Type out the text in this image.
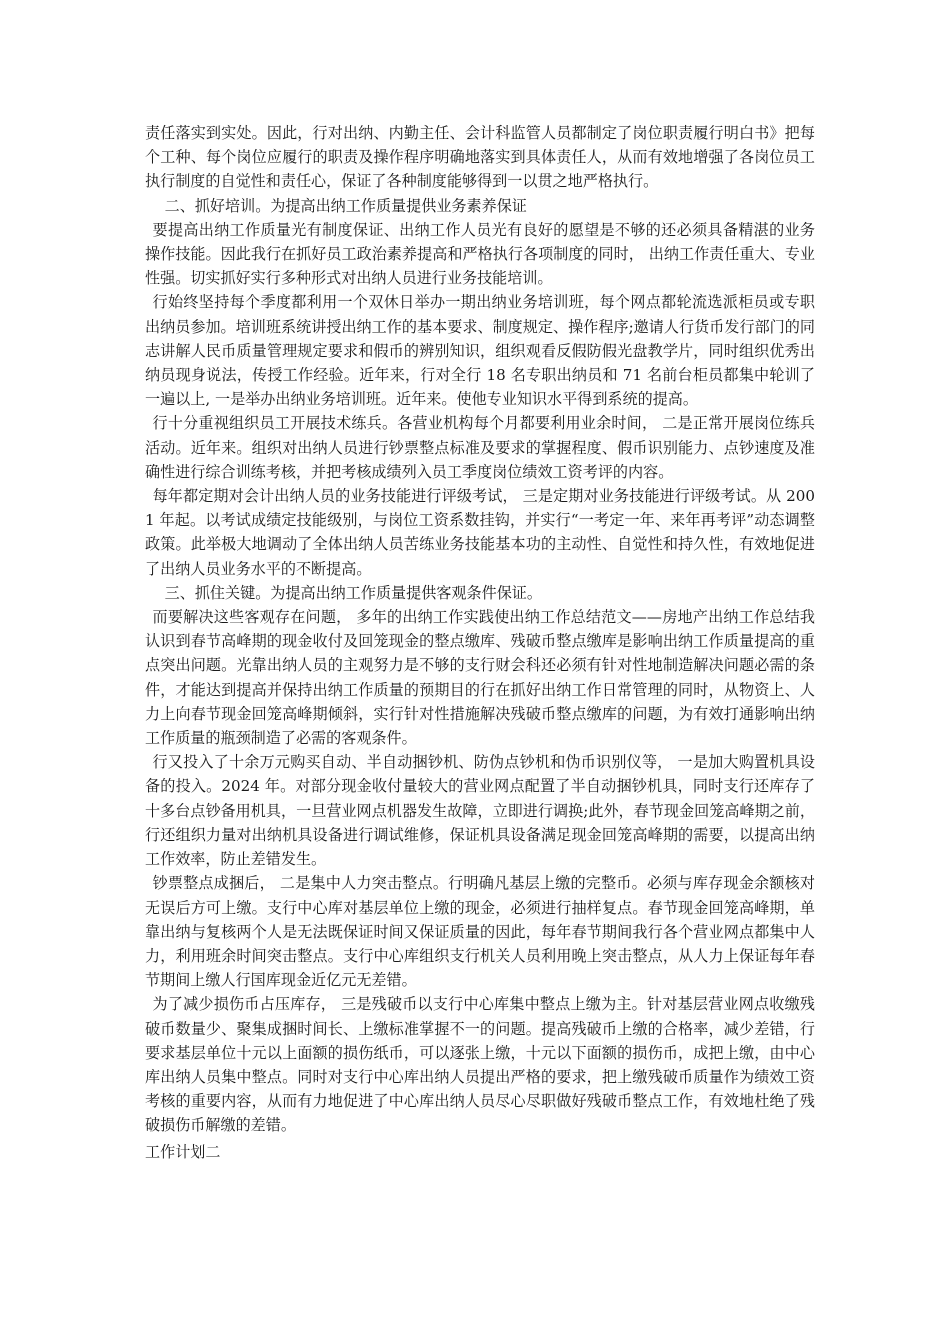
责任落实到实处。因此，行对出纳、内勤主任、会计科监管人员都制定了岗位职责履行明白书》把每个工种、每个岗位应履行的职责及操作程序明确地落实到具体责任人，从而有效地增强了各岗位员工执行制度的自觉性和责任心，保证了各种制度能够得到一以贯之地严格执行。

二、抓好培训。为提高出纳工作质量提供业务素养保证

要提高出纳工作质量光有制度保证、出纳工作人员光有良好的愿望是不够的还必须具备精湛的业务操作技能。因此我行在抓好员工政治素养提高和严格执行各项制度的同时， 出纳工作责任重大、专业性强。切实抓好实行多种形式对出纳人员进行业务技能培训。

行始终坚持每个季度都利用一个双休日举办一期出纳业务培训班，每个网点都轮流选派柜员或专职出纳员参加。培训班系统讲授出纳工作的基本要求、制度规定、操作程序;邀请人行货币发行部门的同志讲解人民币质量管理规定要求和假币的辨别知识，组织观看反假防假光盘教学片，同时组织优秀出纳员现身说法，传授工作经验。近年来，行对全行 18 名专职出纳员和 71 名前台柜员都集中轮训了一遍以上, 一是举办出纳业务培训班。近年来。使他专业知识水平得到系统的提高。

行十分重视组织员工开展技术练兵。各营业机构每个月都要利用业余时间， 二是正常开展岗位练兵活动。近年来。组织对出纳人员进行钞票整点标准及要求的掌握程度、假币识别能力、点钞速度及准确性进行综合训练考核，并把考核成绩列入员工季度岗位绩效工资考评的内容。

每年都定期对会计出纳人员的业务技能进行评级考试， 三是定期对业务技能进行评级考试。从 2001 年起。以考试成绩定技能级别，与岗位工资系数挂钩，并实行“一考定一年、来年再考评”动态调整政策。此举极大地调动了全体出纳人员苦练业务技能基本功的主动性、自觉性和持久性，有效地促进了出纳人员业务水平的不断提高。

三、抓住关键。为提高出纳工作质量提供客观条件保证。

而要解决这些客观存在问题， 多年的出纳工作实践使出纳工作总结范文——房地产出纳工作总结我认识到春节高峰期的现金收付及回笼现金的整点缴库、残破币整点缴库是影响出纳工作质量提高的重点突出问题。光靠出纳人员的主观努力是不够的支行财会科还必须有针对性地制造解决问题必需的条件，才能达到提高并保持出纳工作质量的预期目的行在抓好出纳工作日常管理的同时，从物资上、人力上向春节现金回笼高峰期倾斜，实行针对性措施解决残破币整点缴库的问题，为有效打通影响出纳工作质量的瓶颈制造了必需的客观条件。

行又投入了十余万元购买自动、半自动捆钞机、防伪点钞机和伪币识别仪等， 一是加大购置机具设备的投入。2024 年。对部分现金收付量较大的营业网点配置了半自动捆钞机具，同时支行还库存了十多台点钞备用机具，一旦营业网点机器发生故障，立即进行调换;此外，春节现金回笼高峰期之前，行还组织力量对出纳机具设备进行调试维修，保证机具设备满足现金回笼高峰期的需要，以提高出纳工作效率，防止差错发生。

钞票整点成捆后， 二是集中人力突击整点。行明确凡基层上缴的完整币。必须与库存现金余额核对无误后方可上缴。支行中心库对基层单位上缴的现金，必须进行抽样复点。春节现金回笼高峰期，单靠出纳与复核两个人是无法既保证时间又保证质量的因此，每年春节期间我行各个营业网点都集中人力，利用班余时间突击整点。支行中心库组织支行机关人员利用晚上突击整点，从人力上保证每年春节期间上缴人行国库现金近亿元无差错。

为了减少损伤币占压库存， 三是残破币以支行中心库集中整点上缴为主。针对基层营业网点收缴残破币数量少、聚集成捆时间长、上缴标准掌握不一的问题。提高残破币上缴的合格率，减少差错，行要求基层单位十元以上面额的损伤纸币，可以逐张上缴，十元以下面额的损伤币，成把上缴，由中心库出纳人员集中整点。同时对支行中心库出纳人员提出严格的要求，把上缴残破币质量作为绩效工资考核的重要内容，从而有力地促进了中心库出纳人员尽心尽职做好残破币整点工作，有效地杜绝了残破损伤币解缴的差错。

工作计划二
